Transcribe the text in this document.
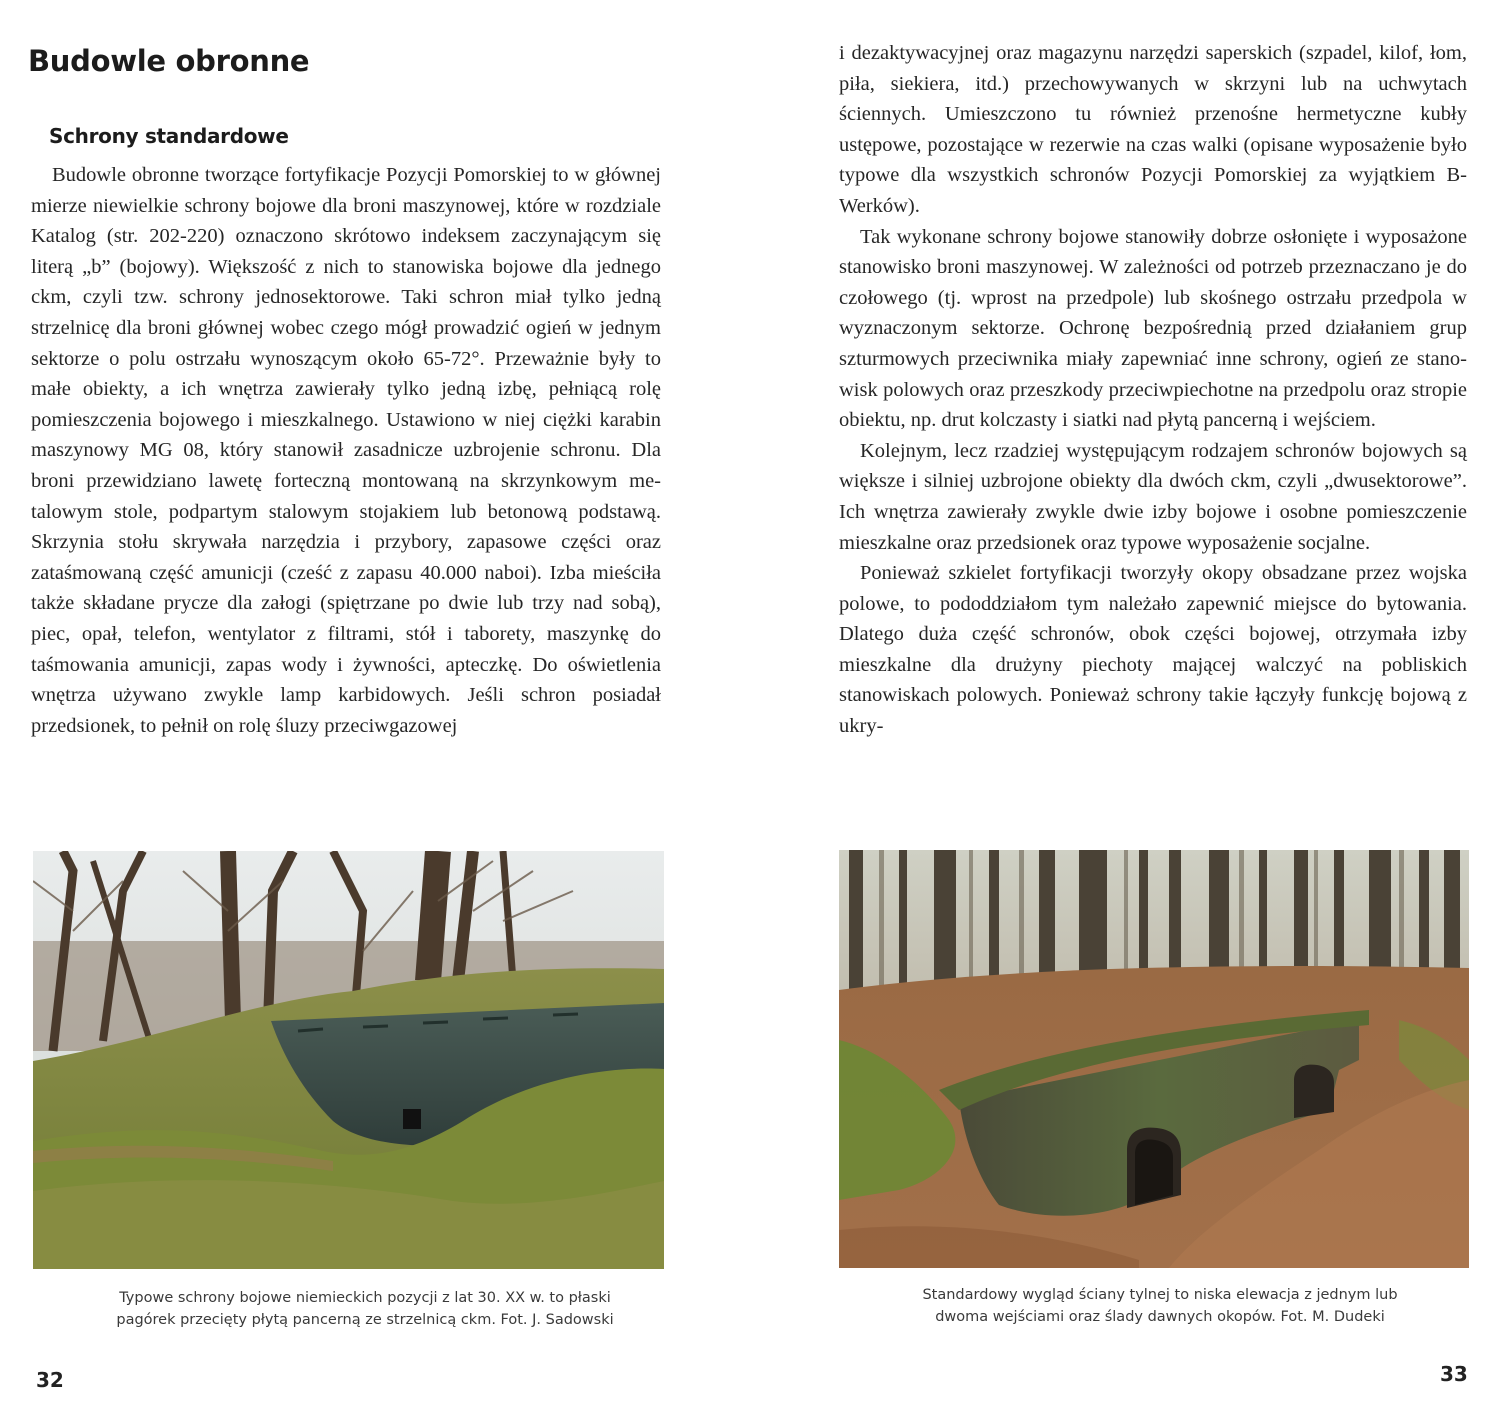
Budowle obronne
Schrony standardowe

Budowle obronne tworzące fortyfikacje Pozycji Pomorskiej to w głównej mierze niewielkie schrony bojowe dla broni maszynowej, które w rozdziale Katalog (str. 202-220) oznaczono skrótowo indeksem zaczynającym się literą „b” (bojowy). Większość z nich to stanowiska bojowe dla jednego ckm, czyli tzw. schrony jednosektorowe. Taki schron miał tylko jedną strzelnicę dla broni głównej wobec czego mógł prowadzić ogień w jednym sektorze o polu ostrzału wynoszącym około 65-72°. Przeważnie były to małe obiekty, a ich wnętrza zawierały tylko jedną izbę, pełniącą rolę pomieszczenia bojowego i mieszkalnego. Ustawiono w niej ciężki karabin maszynowy MG 08, który stanowił zasadnicze uzbrojenie schronu. Dla broni przewidziano lawetę forteczną montowaną na skrzynkowym metalowym stole, podpartym stalowym stojakiem lub betonową podstawą. Skrzynia stołu skrywała narzędzia i przybory, zapasowe części oraz zataśmowaną część amunicji (cześć z zapasu 40.000 naboi). Izba mieściła także składane prycze dla załogi (spiętrzane po dwie lub trzy nad sobą), piec, opał, telefon, wentylator z filtrami, stół i taborety, maszynkę do taśmowania amunicji, zapas wody i żywności, apteczkę. Do oświetlenia wnętrza używano zwykle lamp karbidowych. Jeśli schron posiadał przedsionek, to pełnił on rolę śluzy przeciwgazowej

Typowe schrony bojowe niemieckich pozycji z lat 30. XX w. to płaski
pagórek przecięty płytą pancerną ze strzelnicą ckm. Fot. J. Sadowski

32

i dezaktywacyjnej oraz magazynu narzędzi saperskich (szpadel, kilof, łom, piła, siekiera, itd.) przechowywanych w skrzyni lub na uchwytach ściennych. Umieszczono tu również przenośne hermetyczne kubły ustępowe, pozostające w rezerwie na czas walki (opisane wyposażenie było typowe dla wszystkich schronów Pozycji Pomorskiej za wyjątkiem B-Werków).

Tak wykonane schrony bojowe stanowiły dobrze osłonięte i wyposażone stanowisko broni maszynowej. W zależności od potrzeb przeznaczano je do czołowego (tj. wprost na przedpole) lub skośnego ostrzału przedpola w wyznaczonym sektorze. Ochronę bezpośrednią przed działaniem grup szturmowych przeciwnika miały zapewniać inne schrony, ogień ze stanowisk polowych oraz przeszkody przeciwpiechotne na przedpolu oraz stropie obiektu, np. drut kolczasty i siatki nad płytą pancerną i wejściem.

Kolejnym, lecz rzadziej występującym rodzajem schronów bojowych są większe i silniej uzbrojone obiekty dla dwóch ckm, czyli „dwusektorowe”. Ich wnętrza zawierały zwykle dwie izby bojowe i osobne pomieszczenie mieszkalne oraz przedsionek oraz typowe wyposażenie socjalne.

Ponieważ szkielet fortyfikacji tworzyły okopy obsadzane przez wojska polowe, to pododdziałom tym należało zapewnić miejsce do bytowania. Dlatego duża część schronów, obok części bojowej, otrzymała izby mieszkalne dla drużyny piechoty mającej walczyć na pobliskich stanowiskach polowych. Ponieważ schrony takie łączyły funkcję bojową z ukry-

Standardowy wygląd ściany tylnej to niska elewacja z jednym lub
dwoma wejściami oraz ślady dawnych okopów. Fot. M. Dudeki

33
